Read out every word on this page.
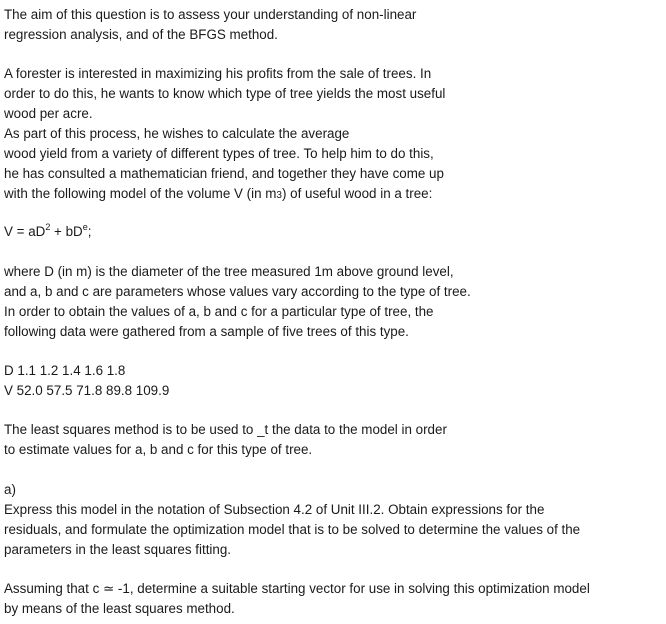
The aim of this question is to assess your understanding of non-linear
regression analysis, and of the BFGS method.
A forester is interested in maximizing his profits from the sale of trees. In
order to do this, he wants to know which type of tree yields the most useful
wood per acre.
As part of this process, he wishes to calculate the average
wood yield from a variety of different types of tree. To help him to do this,
he has consulted a mathematician friend, and together they have come up
with the following model of the volume V (in m3) of useful wood in a tree:
$V = aD^2 + bD^e$;
where D (in m) is the diameter of the tree measured 1m above ground level,
and a, b and c are parameters whose values vary according to the type of tree.
In order to obtain the values of a, b and c for a particular type of tree, the
following data were gathered from a sample of five trees of this type.
D 1.1 1.2 1.4 1.6 1.8
V 52.0 57.5 71.8 89.8 109.9
The least squares method is to be used to _t the data to the model in order
to estimate values for a, b and c for this type of tree.
a)
Express this model in the notation of Subsection 4.2 of Unit III.2. Obtain expressions for the
residuals, and formulate the optimization model that is to be solved to determine the values of the
parameters in the least squares fitting.
Assuming that c ≃ -1, determine a suitable starting vector for use in solving this optimization model
by means of the least squares method.
